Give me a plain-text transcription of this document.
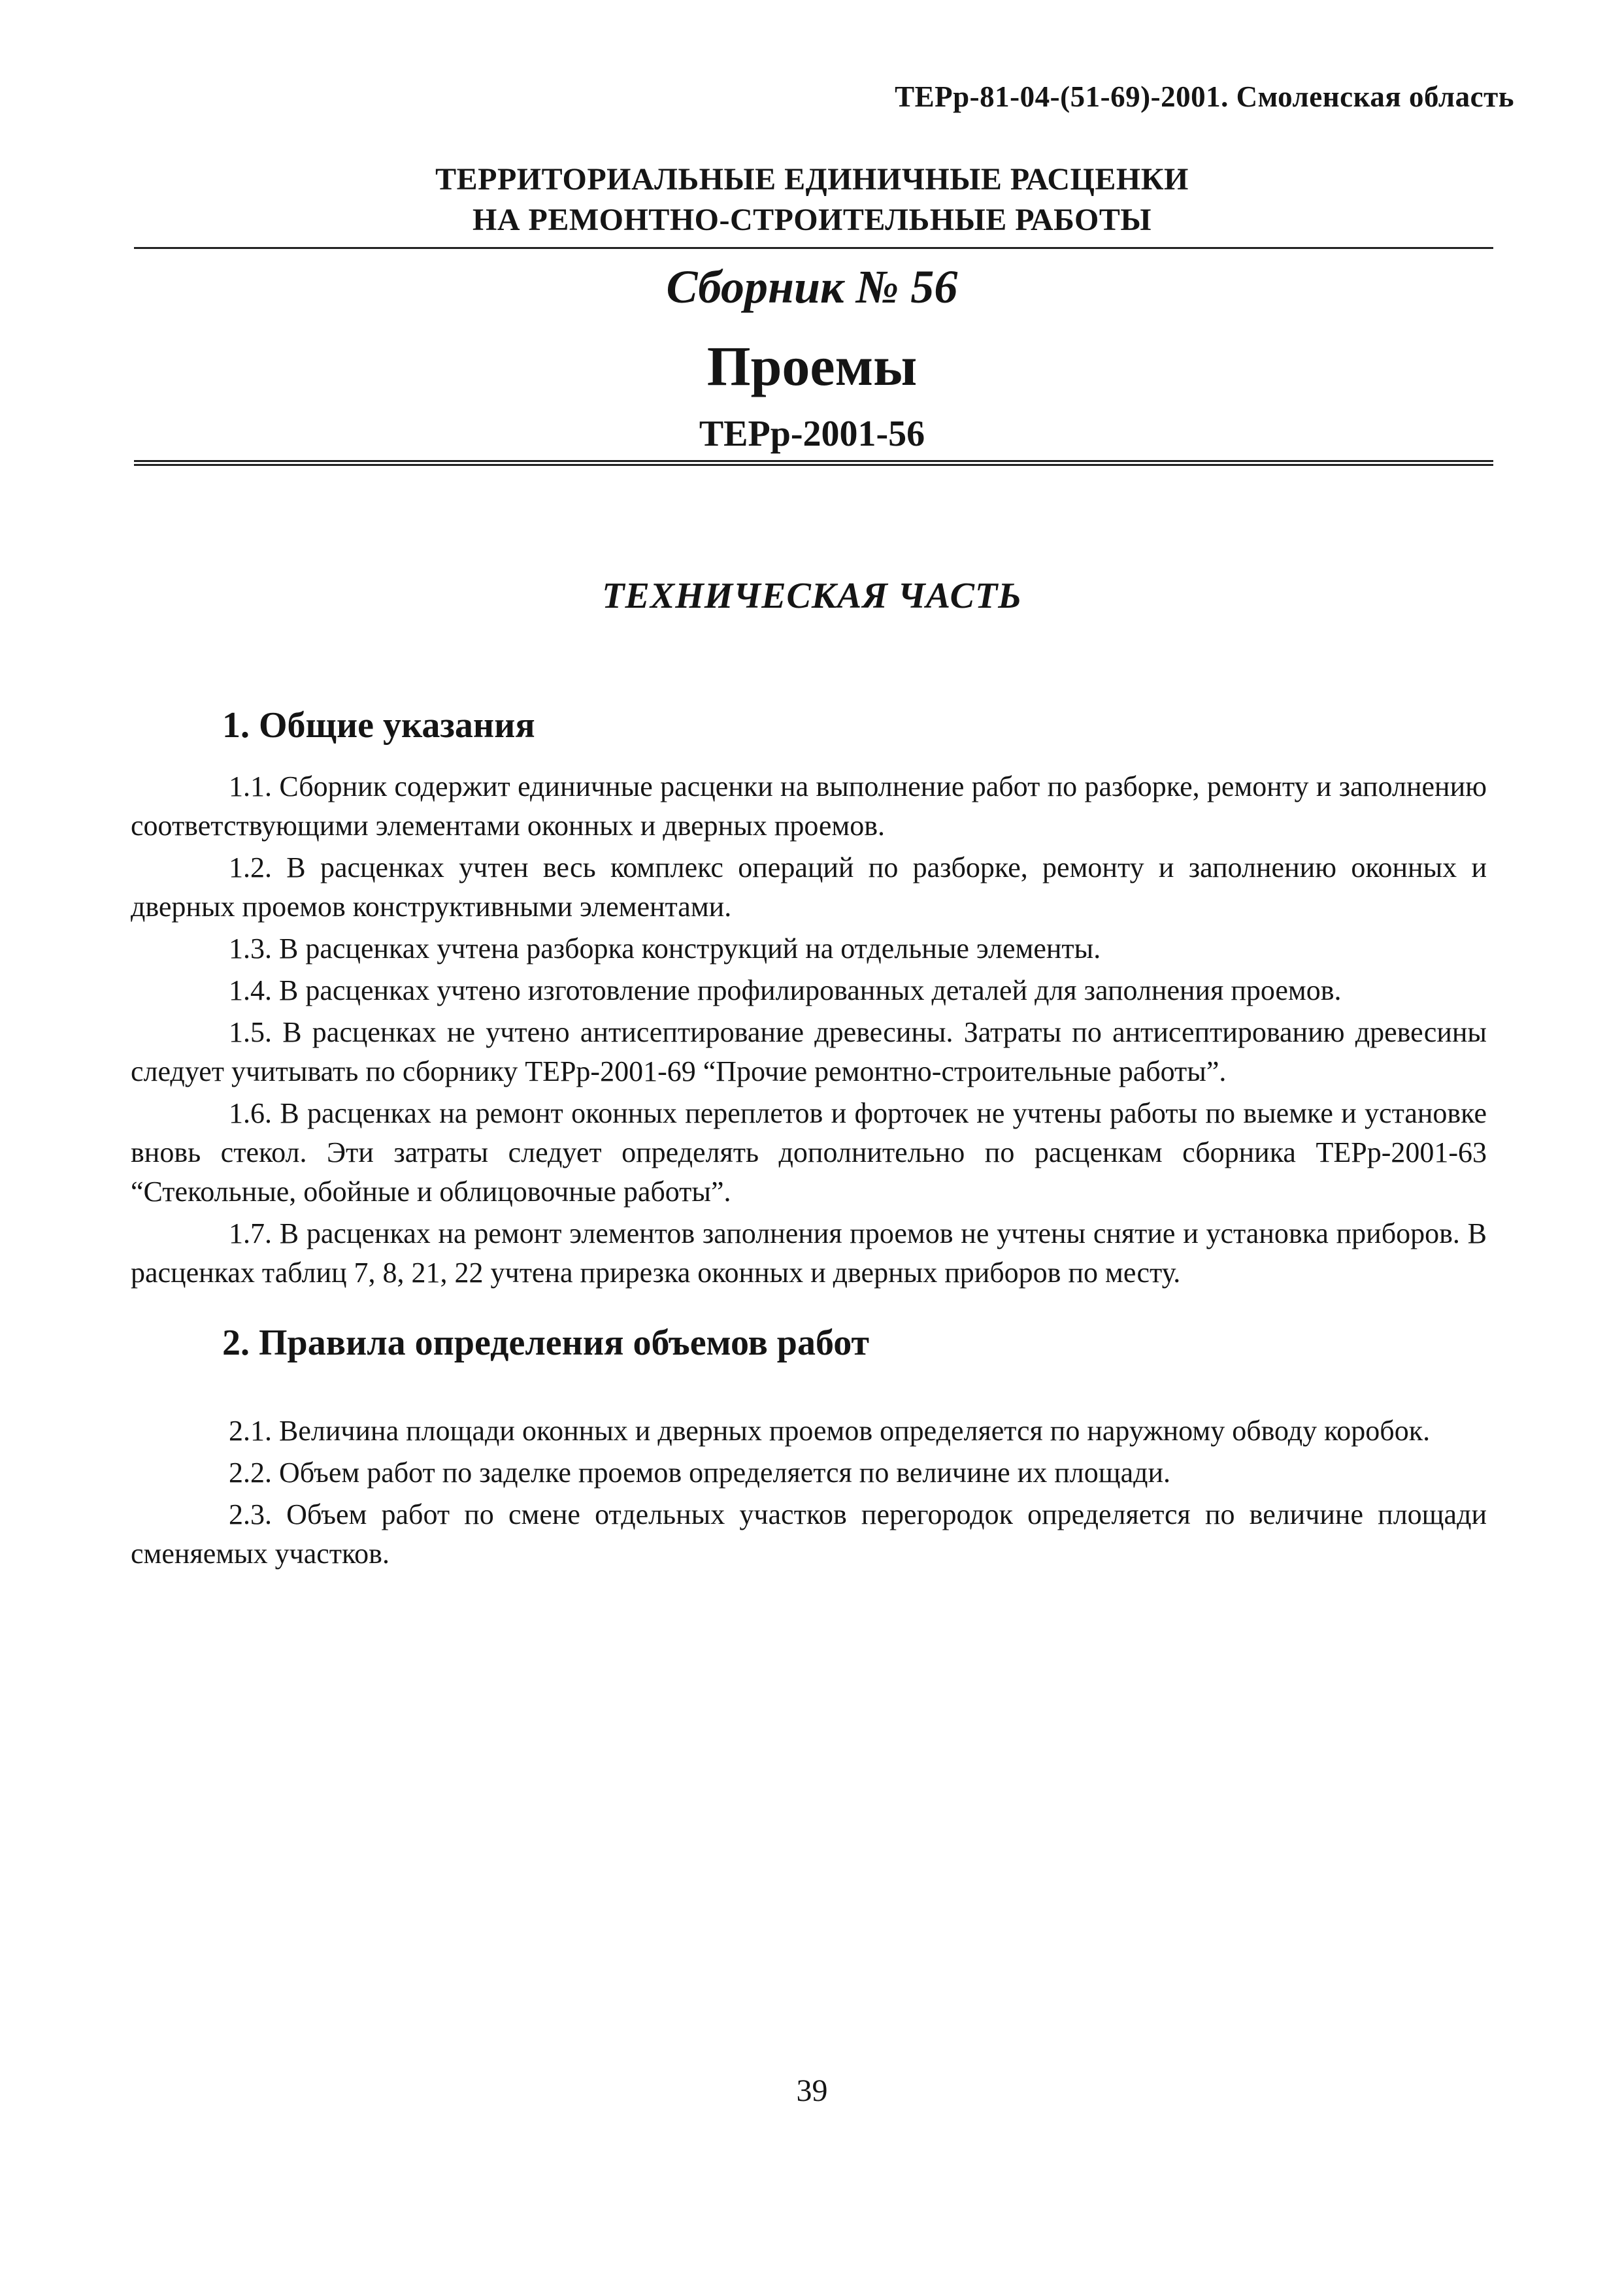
ТЕРр-81-04-(51-69)-2001. Смоленская область
ТЕРРИТОРИАЛЬНЫЕ ЕДИНИЧНЫЕ РАСЦЕНКИ
НА РЕМОНТНО-СТРОИТЕЛЬНЫЕ РАБОТЫ
Сборник № 56
Проемы
ТЕРр-2001-56
ТЕХНИЧЕСКАЯ ЧАСТЬ
1. Общие указания

1.1. Сборник содержит единичные расценки на выполнение работ по разборке, ремонту и заполнению соответствующими элементами оконных и дверных проемов.

1.2. В расценках учтен весь комплекс операций по разборке, ремонту и заполнению оконных и дверных проемов конструктивными элементами.

1.3. В расценках учтена разборка конструкций на отдельные элементы.

1.4. В расценках учтено изготовление профилированных деталей для заполнения проемов.

1.5. В расценках не учтено антисептирование древесины. Затраты по антисептированию древесины следует учитывать по сборнику ТЕРр-2001-69 “Прочие ремонтно-строительные работы”.

1.6. В расценках на ремонт оконных переплетов и форточек не учтены работы по выемке и установке вновь стекол. Эти затраты следует определять дополнительно по расценкам сборника ТЕРр-2001-63 “Стекольные, обойные и облицовочные работы”.

1.7. В расценках на ремонт элементов заполнения проемов не учтены снятие и установка приборов. В расценках таблиц 7, 8, 21, 22 учтена прирезка оконных и дверных приборов по месту.

2. Правила определения объемов работ

2.1. Величина площади оконных и дверных проемов определяется по наружному обводу коробок.

2.2. Объем работ по заделке проемов определяется по величине их площади.

2.3. Объем работ по смене отдельных участков перегородок определяется по величине площади сменяемых участков.

39
